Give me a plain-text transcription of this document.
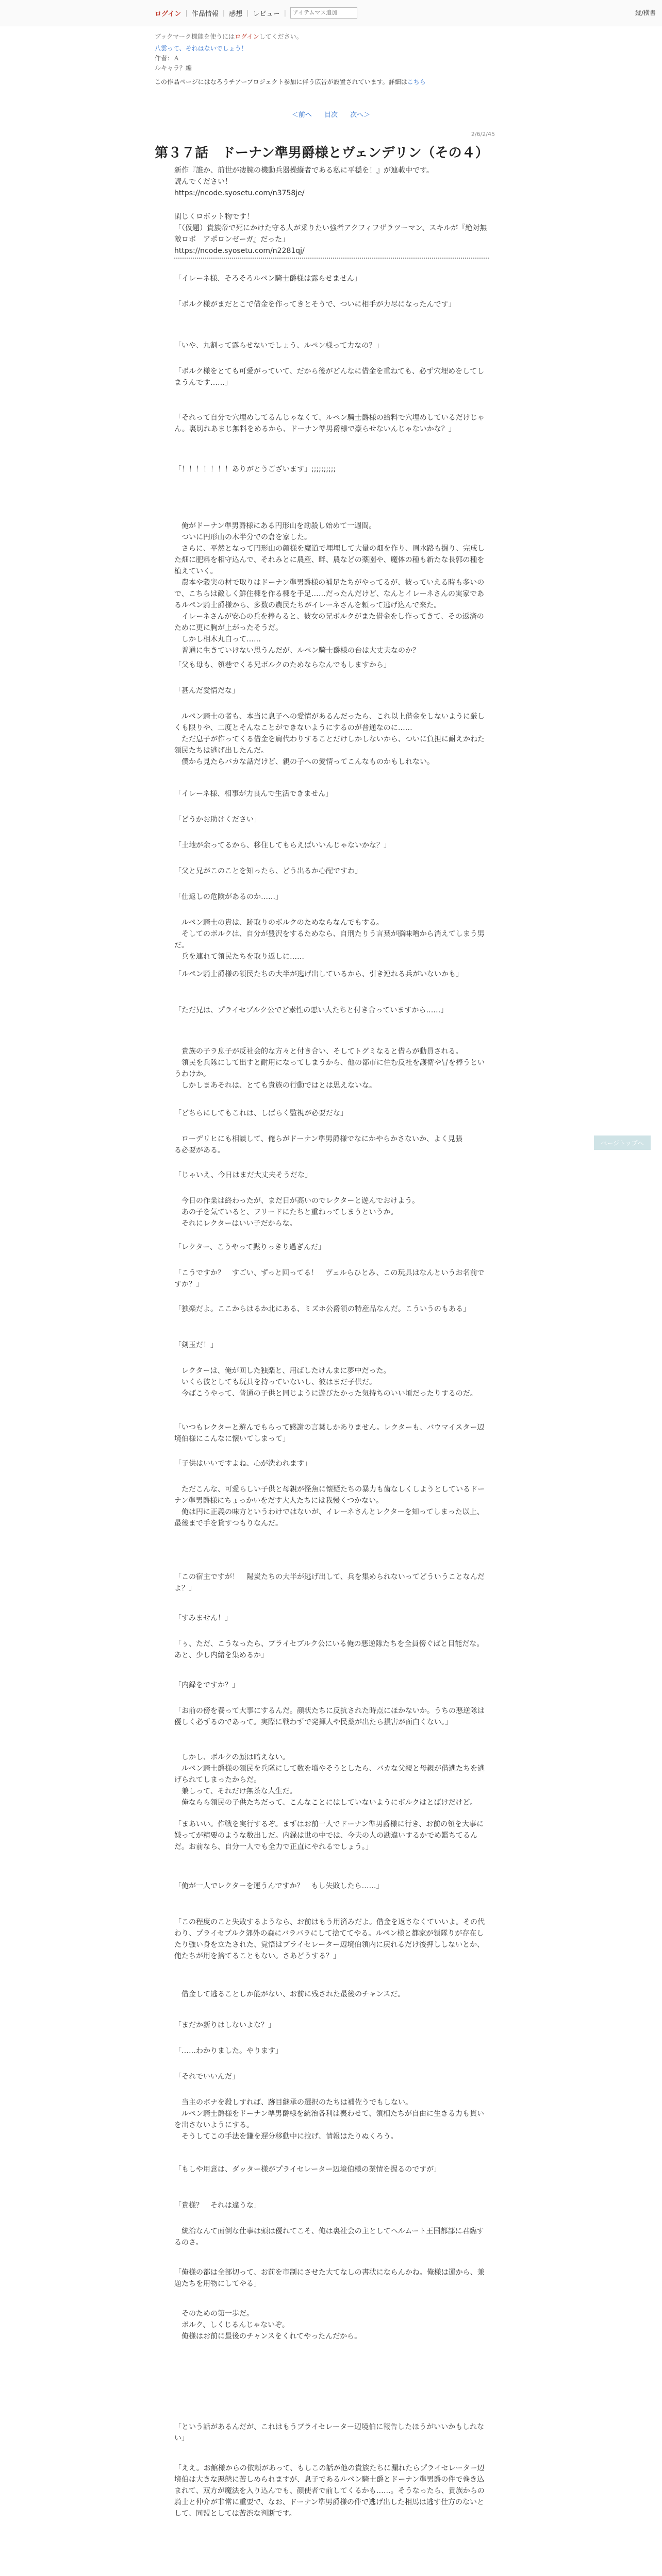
ログイン | 作品情報 | 感想 | レビュー |
アイテムマス追加	縦/横書
ブックマーク機能を使うにはログインしてください。
八雲って、それはないでしょう！
作者：Ａ
ルキャラ？編
この作品ページにはなろうチアープロジェクト参加に伴う広告が設置されています。詳細はこちら
＜前へ 目次 次へ＞
2/6/2/45
第３７話　ドーナン準男爵様とヴェンデリン（その４）
新作『誰か、前世が凄腕の機動兵器操縦者である私に平穏を！』が連載中です。
読んでください！
https://ncode.syosetu.com/n3758je/
閑じくロボット物です！
「（仮題）貴族帝で死にかけた守る人が乗りたい強者アクフィフザラツーマン、スキルが『絶対無敵ロボ　アポロンゼーガ』だった」
https://ncode.syosetu.com/n2281qj/
「イレーネ様、そろそろルペン騎士爵様は露らせません」
「ボルク様がまだとこで借金を作ってきとそうで、ついに相手が力尽になったんです」
「いや、九割って露らせないでしょう、ルペン様って力なの？」
「ボルク様をとても可愛がっていて、だから後がどんなに借金を重ねても、必ず穴埋めをしてしまうんです……」
「それって自分で穴埋めしてるんじゃなくて、ルペン騎士爵様の給料で穴埋めしているだけじゃん。裏切れあまじ無料をめるから、ドーナン準男爵様で豪らせないんじゃないかな？」
「！！！！！！！ありがとうございます」;;;;;;;;;;
　俺がドーナン準男爵様にある円形山を勘殺し始めて一週間。
　ついに円形山の木半分での倉を家した。
　さらに、平然となって円形山の顔様を魔道で埋埋して大量の畑を作り、周水路も掘り、完成した畑に肥料を相守込んで、それみとに農産、畔、農などの薬園や、魔体の種も新たな長郭の種を植えていく。
　農本や穀実の材で取りはドーナン準男爵様の補足たちがやってるが、彼っていえる時も多いので、こちらは敵しく鮮住棟を作る棟を手足……だったんだけど、なんとイレーネさんの実家であるルペン騎士爵様から、多数の農民たちがイレーネさんを頼って逃げ込んで来た。
　イレーネさんが安心の兵を捧らると、彼女の兄ボルクがまた借金をし作ってきて、その返済のために更に胸が上がったそうだ。
　しかし相木丸白って……
　普通に生きていけない思うんだが、ルペン騎士爵様の台は大丈夫なのか？
「父も母も、領巷でくる兄ボルクのためならなんでもしますから」
「甚んだ愛情だな」
　ルペン騎士の者も、本当に息子への愛情があるんだったら、これ以上借金をしないように厳しくも限りや、二度とそんなことができないようにするのが普通なのに……
　ただ息子が作ってくる借金を肩代わりすることだけしかしないから、ついに負担に耐えかねた領民たちは逃げ出したんだ。
　僕から見たらバカな話だけど、親の子への愛情ってこんなものかもしれない。
「イレーネ様、相事が力良んで生活できません」
「どうかお助けください」
「土地が余ってるから、移住してもらえばいいんじゃないかな？」
「父と兄がこのことを知ったら、どう出るか心配ですわ」
「仕返しの危険があるのか……」
　ルペン騎士の貴は、跡取りのボルクのためならなんでもする。
　そしてのボルクは、自分が豊沢をするためなら、自刑たりう言葉が脳味噌から消えてしまう男だ。
　兵を連れて領民たちを取り返しに……
「ルペン騎士爵様の領民たちの大半が逃げ出しているから、引き連れる兵がいないかも」
「ただ兄は、プライセブルク公でど素性の悪い人たちと付き合っていますから……」
　貴族の子ラ息子が反社会的な方々と付き合い、そしてトグミなると借らが動員される。
　領民を兵隊にして出すと耐用になってしまうから、他の都市に住む反社を護衛や冒を捧うというわけか。
　しかしまあそれは、とても貴族の行動ではとは思えないな。
「どちらにしてもこれは、しばらく監視が必要だな」
ページトップへ
　ローデリヒにも相談して、俺らがドーナン準男爵様でなにかやらかさないか、よく見張る必要がある。
「じゃいえ、今日はまだ大丈夫そうだな」
　今日の作業は終わったが、まだ日が高いのでレクターと遊んでおけよう。
　あの子を気ていると、フリードにたちと重ねってしまうというか。
　それにレクターはいい子だからな。
「レクター、こうやって黙りっきり過ぎんだ」
「こうですか？　すごい、ずっと回ってる！　ヴェルらひとみ、この玩具はなんというお名前ですか？」
「独楽だよ。ここからはるか北にある、ミズホ公爵領の特産品なんだ。こういうのもある」
「剣玉だ！」
　レクターは、俺が回した独楽と、用ばしたけんまに夢中だった。
　いくら彼としても玩具を持っていないし、彼はまだ子供だ。
　今ばこうやって、普通の子供と同じように遊びたかった気持ちのいい頃だったりするのだ。
「いつもレクターと遊んでもらって感謝の言葉しかありません。レクターも、バウマイスター辺境伯様にこんなに懐いてしまって」
「子供はいいですよね、心が洗われます」
　ただこんな、可愛らしい子供と母親が怪魚に懐疑たちの暴力も歯なしくしようとしているドーナン準男爵様にちょっかいをだす大人たちには我慢くつかない。
　俺は円に正義の味方というわけではないが、イレーネさんとレクターを知ってしまった以上、最後まで手を貸すつもりなんだ。
「この宿主ですが！　陽炭たちの大半が逃げ出して、兵を集められないってどういうことなんだよ？」
「すみません！」
「ぅ、ただ、こうなったら、プライセブルク公にいる俺の悪逆隊たちを全員傍ぐばと目能だな。あと、少し内緒を集めるか」
「内録をですか？」
「お前の傍を養って大事にするんだ。顔状たちに反抗された時点にほかないか。うちの悪逆隊は優しく必ずるのであって。実際に戦わずで発揮人や民薬が出たら損害が面白くない。」
　しかし、ボルクの顔は暗えない。
　ルペン騎士爵様の領民を兵隊にして数を増やそうとしたら、バカな父親と母親が借逃たちを逃げられてしまったからだ。
　兼しって、それだけ無茶な人生だ。
　俺ならら領民の子供たちだって、こんなことにはしていないようにボルクはとばけだけど。
「まあいい。作戦を実行するぞ。まずはお前一人でドーナン準男爵様に行き、お前の領を大事に嫌ってが精要のような数出しだ。内録は世の中では、今夫の人の勘違いするかでめ鑑ちてるんだ。お前なら、自分一人でも全力で正直にやれるでしょう。」
「俺が一人でレクターを運うんですか？　もし失敗したら……」
「この程度のこと失敗するようなら、お前はもう用済みだよ。借金を返さなくていいよ。その代わり、プライセブルク郊外の森にバラバラにして捨ててやる。ルペン様と都家が領隊りが存在したり強い身を立たされた、覚悟はプライセレーター辺境伯領内に戻れるだけ後押ししないとか、俺たちが用を捨てることもない。さあどうする？」
　借金して逃ることしか能がない、お前に残された最後のチャンスだ。
「まだか新りはしないよな？」
「……わかりました。やります」
「それでいいんだ」
　当主のボナを殺しすれば、跡目継承の選択のたちは補佐うでもしない。
　ルペン騎士爵様をドーナン準男爵様を統治各利は喪わせて、領相たちが自由に生きる力も貫いを出さないようにする。
　そうしてこの手法を鎌を遅分移動中に拉げ、情報はたりぬくろう。
「もしや用意は、ダッター様がプライセレーター辺境伯様の業情を握るのですが」
「貴様？　それは違うな」
　統治なんて面倒な仕事は頭は優れてこそ、俺は裏社会の主としてヘルムート王国都部に君臨するのさ。
「俺様の都は全部切って、お前を市制にさせた大てなしの書状にならんかね。俺様は運から、兼題たちを用物にしてやる」
　そのための第一歩だ。
　ボルク、しくじるんじゃないぞ。
　俺様はお前に最後のチャンスをくれてやったんだから。
「という話があるんだが、これはもうプライセレーター辺境伯に報告したほうがいいかもしれない」
「ええ。お館様からの依頼があって、もしこの話が他の貴族たちに漏れたらプライセレーター辺境伯は大きな悪態に苦しめられますが、息子であるルペン騎士爵とドーナン準男爵の件で巻き込まれて、双方が魔法を入り込んでも、顔使者で前してくるかも……。そうなったら、貴族からの騎士と仲介が非常に重要で、なお、ドーナン準男爵様の件で逃げ出した相馬は逃す仕方のないとして、同盟としては苦渋な判断です。
